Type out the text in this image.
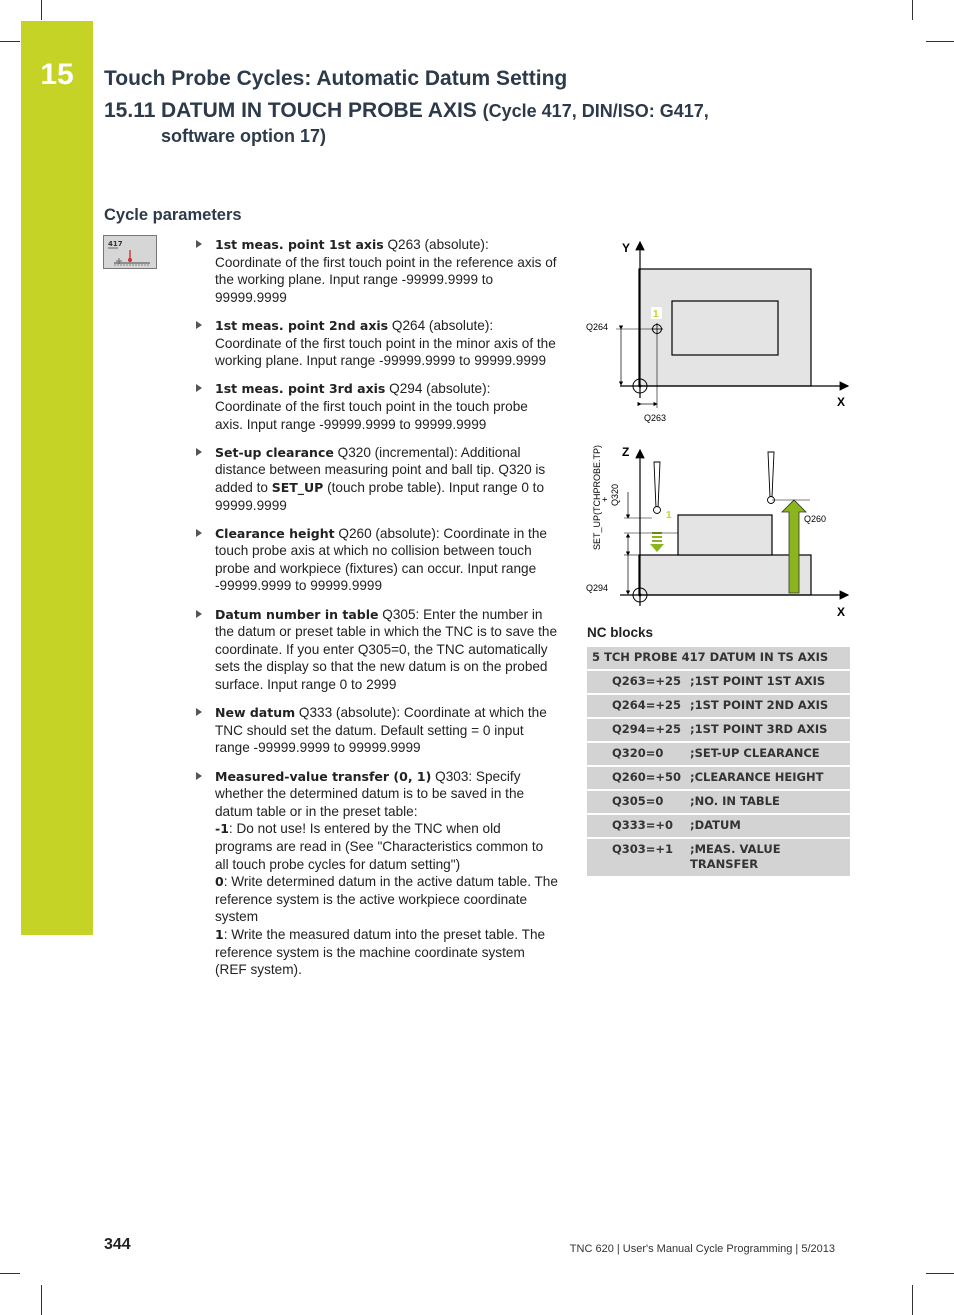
15	Touch Probe Cycles: Automatic Datum Setting
15.11 DATUM IN TOUCH PROBE AXIS (Cycle 417, DIN/ISO: G417,
software option 17)
Cycle parameters
417	1st meas. point 1st axis Q263 (absolute): Coordinate of the first touch point in the reference axis of the working plane. Input range -99999.9999 to 99999.9999
1st meas. point 2nd axis Q264 (absolute): Coordinate of the first touch point in the minor axis of the working plane. Input range -99999.9999 to 99999.9999
1st meas. point 3rd axis Q294 (absolute): Coordinate of the first touch point in the touch probe axis. Input range -99999.9999 to 99999.9999
Set-up clearance Q320 (incremental): Additional distance between measuring point and ball tip. Q320 is added to SET_UP (touch probe table). Input range 0 to 99999.9999
Clearance height Q260 (absolute): Coordinate in the touch probe axis at which no collision between touch probe and workpiece (fixtures) can occur. Input range -99999.9999 to 99999.9999
Datum number in table Q305: Enter the number in the datum or preset table in which the TNC is to save the coordinate. If you enter Q305=0, the TNC automatically sets the display so that the new datum is on the probed surface. Input range 0 to 2999
New datum Q333 (absolute): Coordinate at which the TNC should set the datum. Default setting = 0 input range -99999.9999 to 99999.9999
Measured-value transfer (0, 1) Q303: Specify whether the determined datum is to be saved in the datum table or in the preset table:
-1: Do not use! Is entered by the TNC when old programs are read in (See "Characteristics common to all touch probe cycles for datum setting")
0: Write determined datum in the active datum table. The reference system is the active workpiece coordinate system
1: Write the measured datum into the preset table. The reference system is the machine coordinate system (REF system).
Y
X
1
Q264
Q263
Z
X
1	Q260
SET_UP(TCHPROBE.TP)
+ Q320
Q294
NC blocks
5 TCH PROBE 417 DATUM IN TS AXIS	
Q263=+25	;1ST POINT 1ST AXIS
Q264=+25	;1ST POINT 2ND AXIS
Q294=+25	;1ST POINT 3RD AXIS
Q320=0	;SET-UP CLEARANCE
Q260=+50	;CLEARANCE HEIGHT
Q305=0	;NO. IN TABLE
Q333=+0	;DATUM
Q303=+1	;MEAS. VALUE
TRANSFER
344	TNC 620 | User's Manual Cycle Programming | 5/2013
